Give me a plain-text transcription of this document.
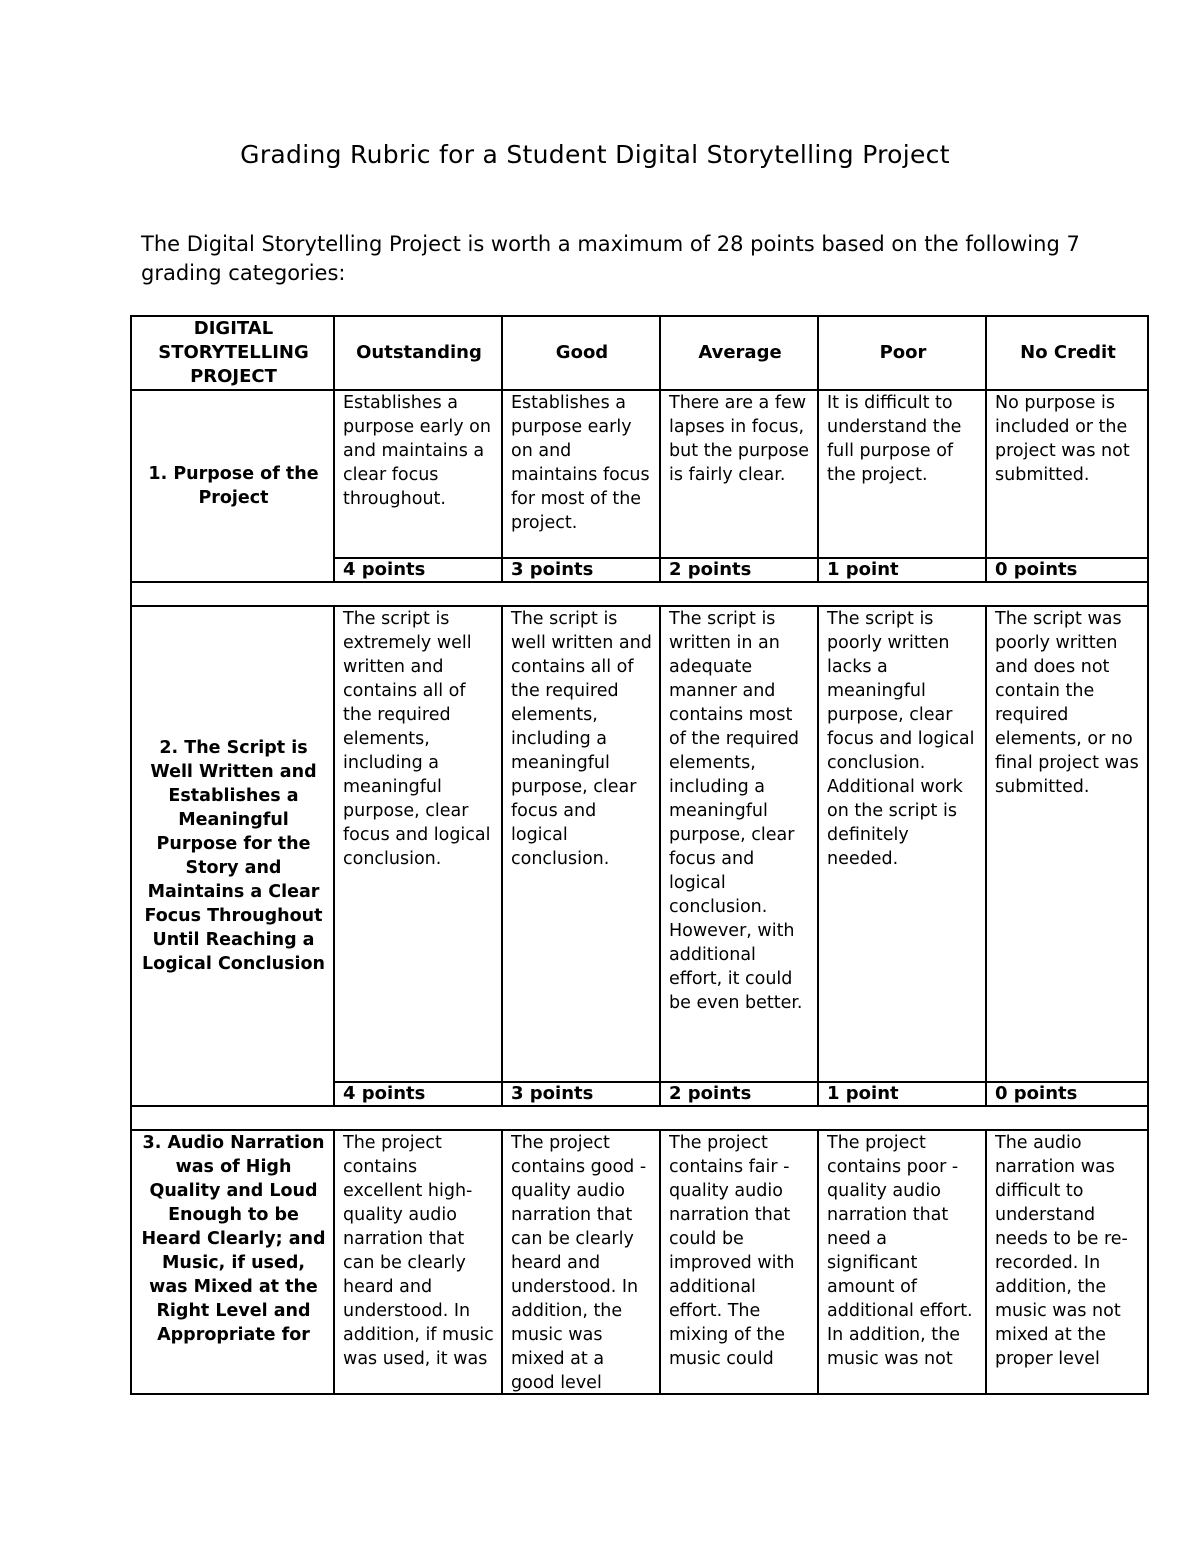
Grading Rubric for a Student Digital Storytelling Project
The Digital Storytelling Project is worth a maximum of 28 points based on the following 7 grading categories:
DIGITAL STORYTELLING PROJECT	Outstanding	Good	Average	Poor	No Credit
1. Purpose of the Project	Establishes a purpose early on and maintains a clear focus throughout.	Establishes a purpose early on and maintains focus for most of the project.	There are a few lapses in focus, but the purpose is fairly clear.	It is difficult to understand the full purpose of the project.	No purpose is included or the project was not submitted.

	4 points	3 points	2 points	1 point	0 points

2. The Script is Well Written and Establishes a Meaningful Purpose for the Story and Maintains a Clear Focus Throughout Until Reaching a Logical Conclusion	The script is extremely well written and contains all of the required elements, including a meaningful purpose, clear focus and logical conclusion.	The script is well written and contains all of the required elements, including a meaningful purpose, clear focus and logical conclusion.	The script is written in an adequate manner and contains most of the required elements, including a meaningful purpose, clear focus and logical conclusion. However, with additional effort, it could be even better.	The script is poorly written lacks a meaningful purpose, clear focus and logical conclusion. Additional work on the script is definitely needed.	The script was poorly written and does not contain the required elements, or no final project was submitted.

	4 points	3 points	2 points	1 point	0 points

3. Audio Narration was of High Quality and Loud Enough to be Heard Clearly; and Music, if used, was Mixed at the Right Level and Appropriate for	The project contains excellent high-quality audio narration that can be clearly heard and understood. In addition, if music was used, it was	The project contains good -quality audio narration that can be clearly heard and understood. In addition, the music was mixed at a good level	The project contains fair -quality audio narration that could be improved with additional effort. The mixing of the music could	The project contains poor -quality audio narration that need a significant amount of additional effort. In addition, the music was not	The audio narration was difficult to understand needs to be re-recorded. In addition, the music was not mixed at the proper level
